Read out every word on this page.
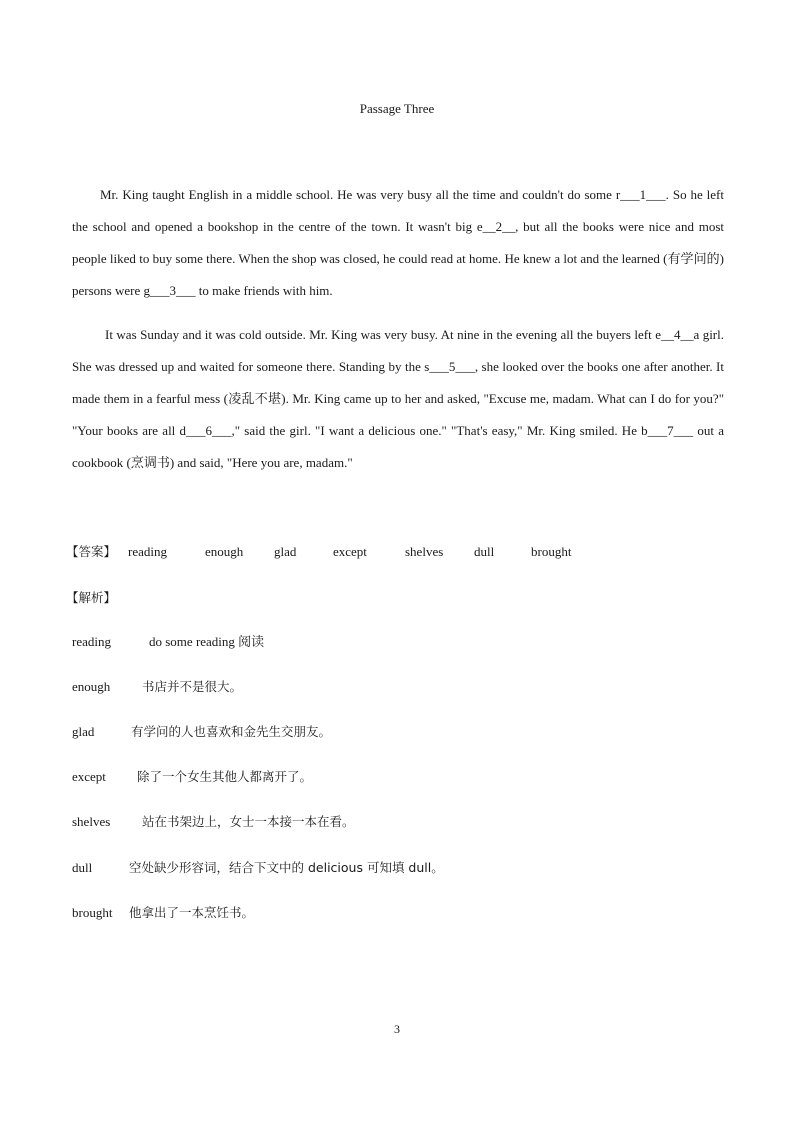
Passage Three

Mr. King taught English in a middle school. He was very busy all the time and couldn't do some r___1___. So he left the school and opened a bookshop in the centre of the town. It wasn't big e__2__, but all the books were nice and most people liked to buy some there. When the shop was closed, he could read at home. He knew a lot and the learned (有学问的) persons were g___3___ to make friends with him.

It was Sunday and it was cold outside. Mr. King was very busy. At nine in the evening all the buyers left e__4__a girl. She was dressed up and waited for someone there. Standing by the s___5___, she looked over the books one after another. It made them in a fearful mess (凌乱不堪). Mr. King came up to her and asked, "Excuse me, madam. What can I do for you?" "Your books are all d___6___," said the girl. "I want a delicious one." "That's easy," Mr. King smiled. He b___7___ out a cookbook (烹调书) and said, "Here you are, madam."

【答案】 reading	enough glad	except	shelves dull	brought
【解析】
reading	do some reading 阅读
enough	书店并不是很大。
glad	有学问的人也喜欢和金先生交朋友。
except 除了一个女生其他人都离开了。
shelves	站在书架边上，女士一本接一本在看。
dull	空处缺少形容词，结合下文中的 delicious 可知填 dull。
brought 他拿出了一本烹饪书。
3
